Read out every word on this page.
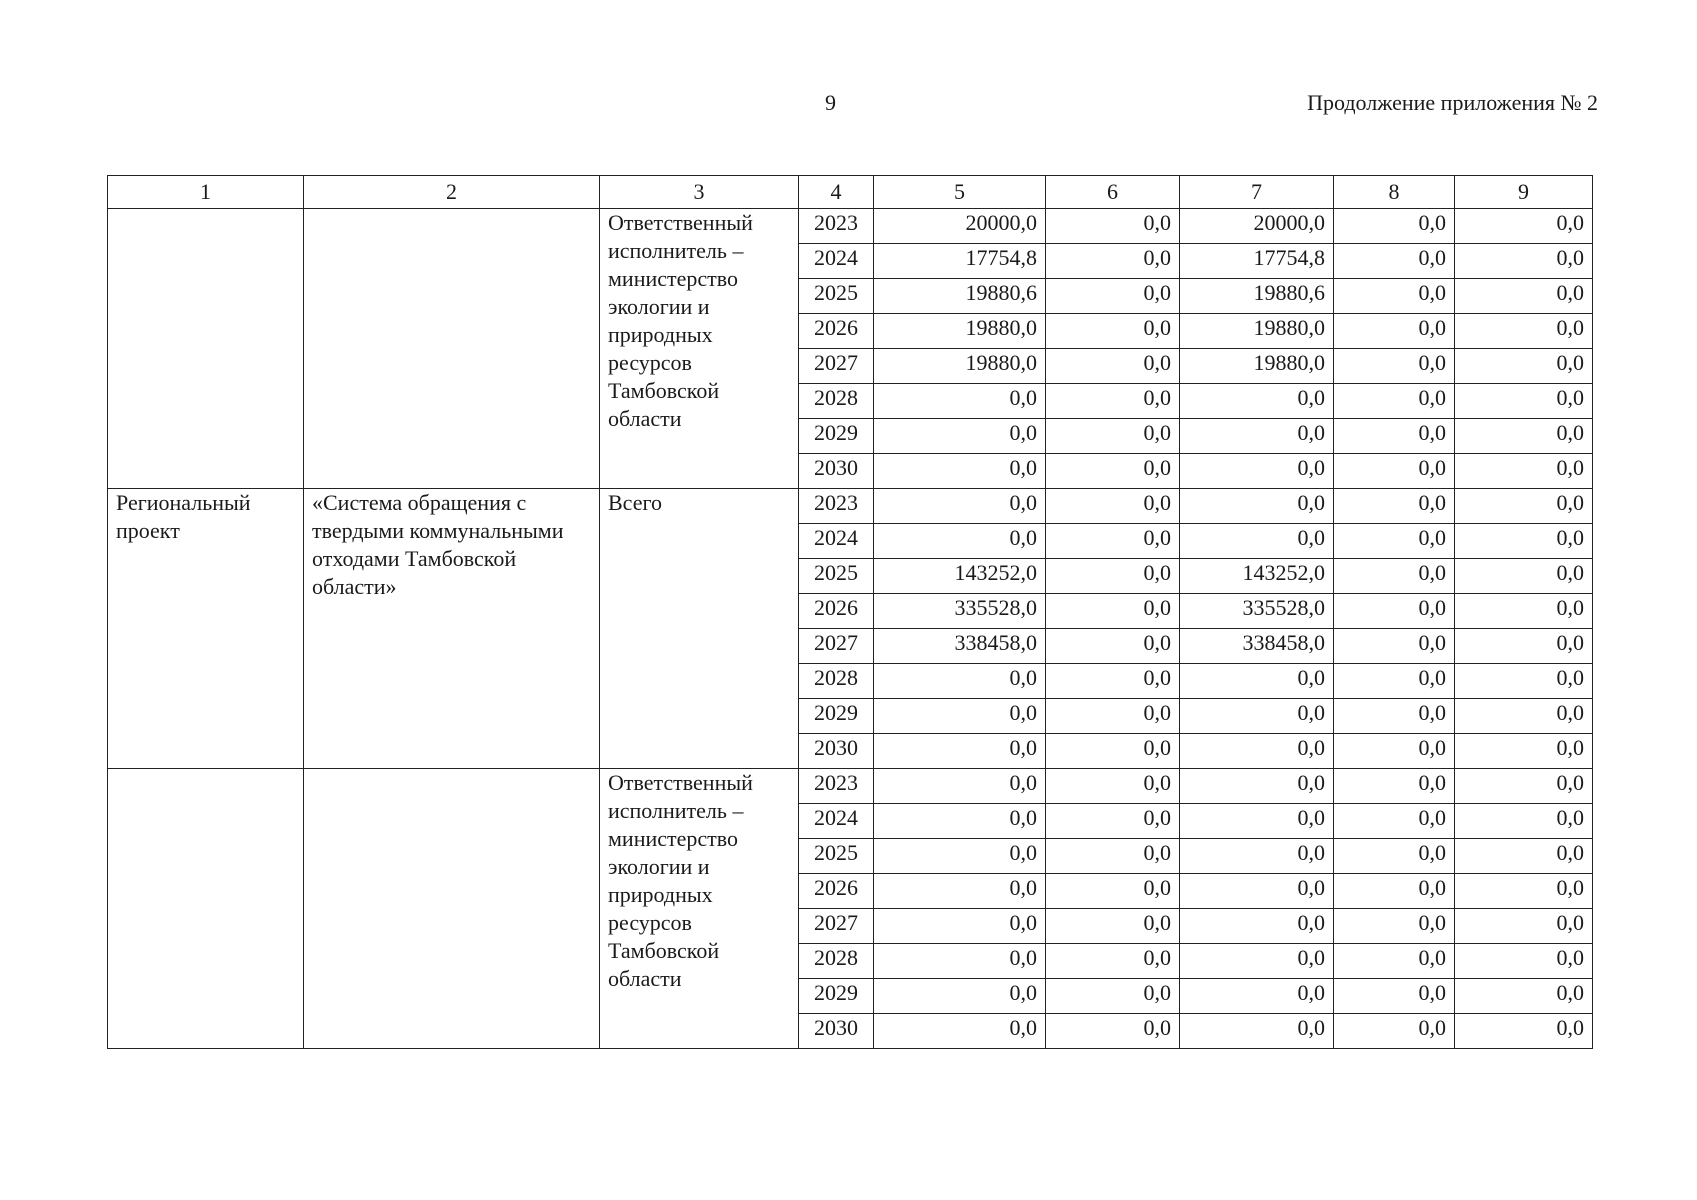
9	Продолжение приложения № 2
1	2	3	4	5	6	7	8	9
		Ответственный исполнитель – министерство экологии и природных ресурсов Тамбовской области	2023	20000,0	0,0	20000,0	0,0	0,0
			2024	17754,8	0,0	17754,8	0,0	0,0
			2025	19880,6	0,0	19880,6	0,0	0,0
			2026	19880,0	0,0	19880,0	0,0	0,0
			2027	19880,0	0,0	19880,0	0,0	0,0
			2028	0,0	0,0	0,0	0,0	0,0
			2029	0,0	0,0	0,0	0,0	0,0
			2030	0,0	0,0	0,0	0,0	0,0
Региональный проект	«Система обращения с твердыми коммунальными отходами Тамбовской области»	Всего	2023	0,0	0,0	0,0	0,0	0,0
			2024	0,0	0,0	0,0	0,0	0,0
			2025	143252,0	0,0	143252,0	0,0	0,0
			2026	335528,0	0,0	335528,0	0,0	0,0
			2027	338458,0	0,0	338458,0	0,0	0,0
			2028	0,0	0,0	0,0	0,0	0,0
			2029	0,0	0,0	0,0	0,0	0,0
			2030	0,0	0,0	0,0	0,0	0,0
		Ответственный исполнитель – министерство экологии и природных ресурсов Тамбовской области	2023	0,0	0,0	0,0	0,0	0,0
			2024	0,0	0,0	0,0	0,0	0,0
			2025	0,0	0,0	0,0	0,0	0,0
			2026	0,0	0,0	0,0	0,0	0,0
			2027	0,0	0,0	0,0	0,0	0,0
			2028	0,0	0,0	0,0	0,0	0,0
			2029	0,0	0,0	0,0	0,0	0,0
			2030	0,0	0,0	0,0	0,0	0,0
